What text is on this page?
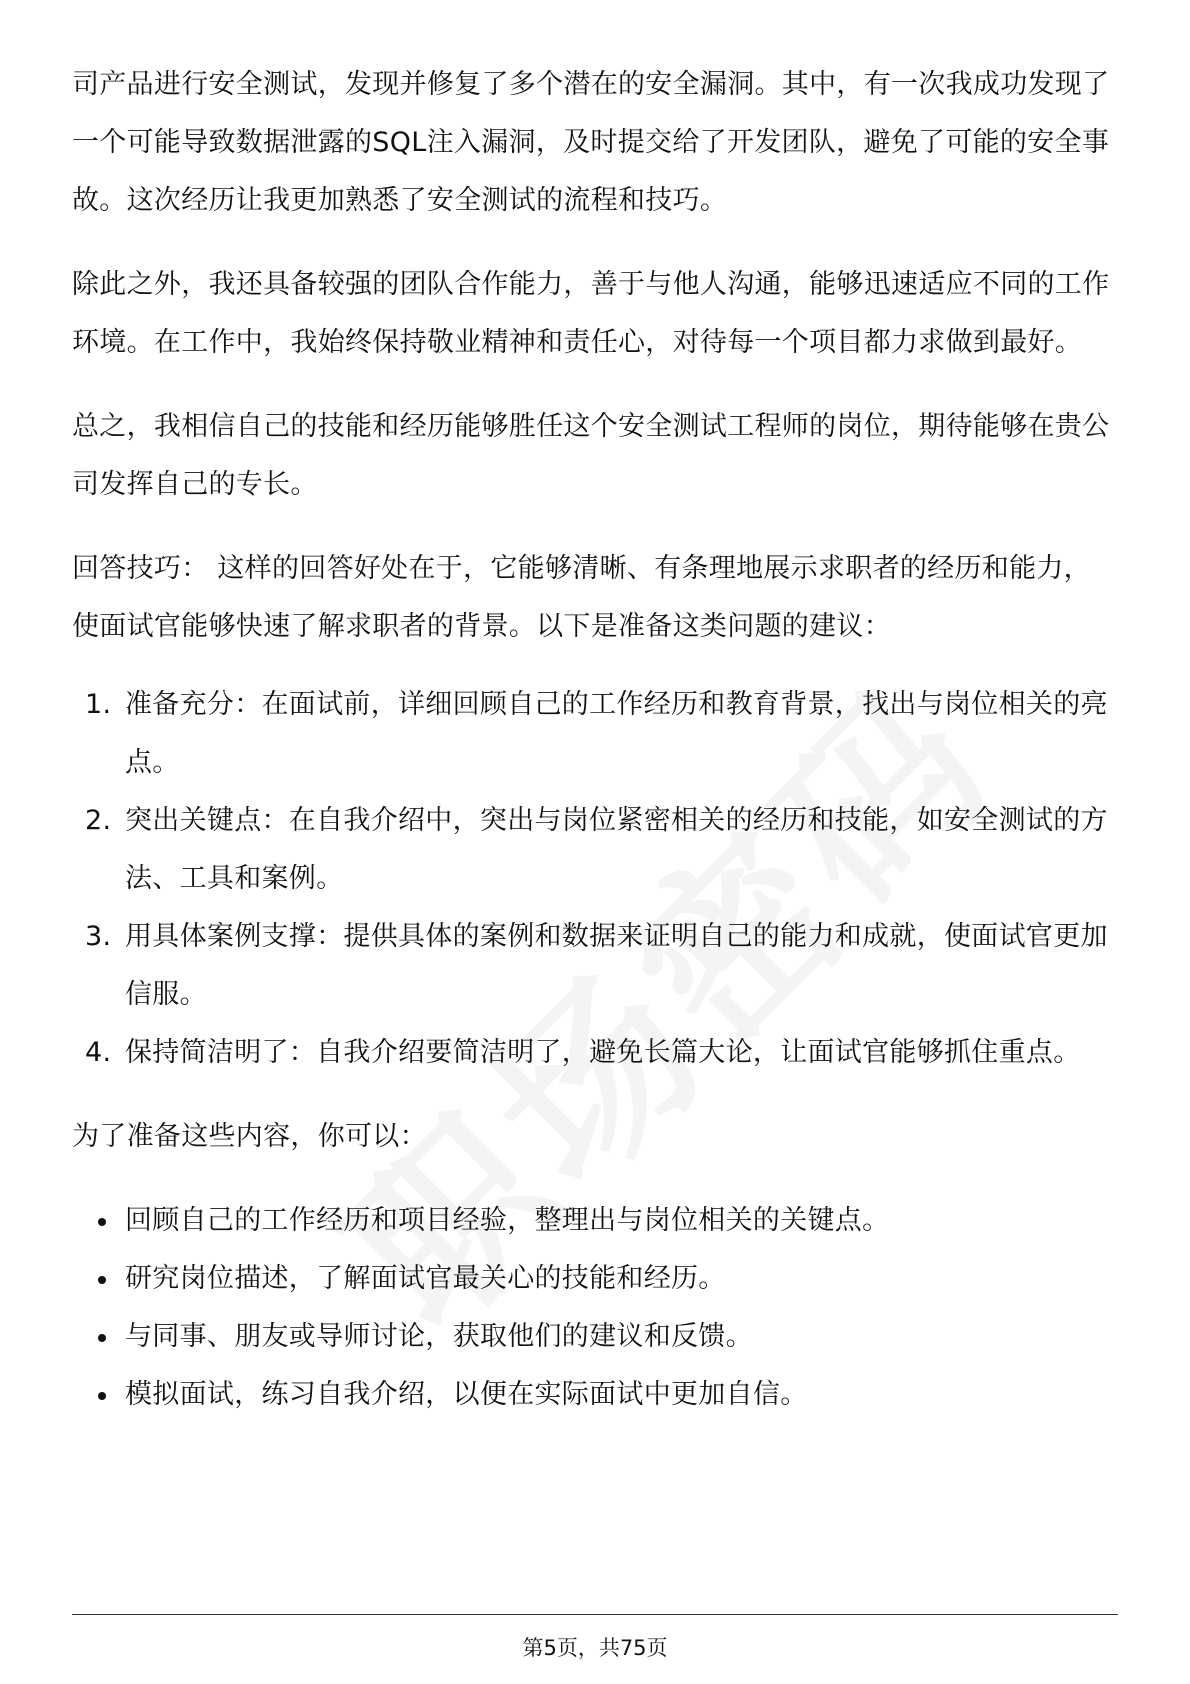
司产品进行安全测试，发现并修复了多个潜在的安全漏洞。其中，有一次我成功发现了一个可能导致数据泄露的SQL注入漏洞，及时提交给了开发团队，避免了可能的安全事故。这次经历让我更加熟悉了安全测试的流程和技巧。

除此之外，我还具备较强的团队合作能力，善于与他人沟通，能够迅速适应不同的工作环境。在工作中，我始终保持敬业精神和责任心，对待每一个项目都力求做到最好。

总之，我相信自己的技能和经历能够胜任这个安全测试工程师的岗位，期待能够在贵公司发挥自己的专长。

回答技巧： 这样的回答好处在于，它能够清晰、有条理地展示求职者的经历和能力，使面试官能够快速了解求职者的背景。以下是准备这类问题的建议：

1. 准备充分：在面试前，详细回顾自己的工作经历和教育背景，找出与岗位相关的亮点。
2. 突出关键点：在自我介绍中，突出与岗位紧密相关的经历和技能，如安全测试的方法、工具和案例。
3. 用具体案例支撑：提供具体的案例和数据来证明自己的能力和成就，使面试官更加信服。
4. 保持简洁明了：自我介绍要简洁明了，避免长篇大论，让面试官能够抓住重点。

为了准备这些内容，你可以：

回顾自己的工作经历和项目经验，整理出与岗位相关的关键点。
研究岗位描述，了解面试官最关心的技能和经历。
与同事、朋友或导师讨论，获取他们的建议和反馈。
模拟面试，练习自我介绍，以便在实际面试中更加自信。
第5页，共75页
